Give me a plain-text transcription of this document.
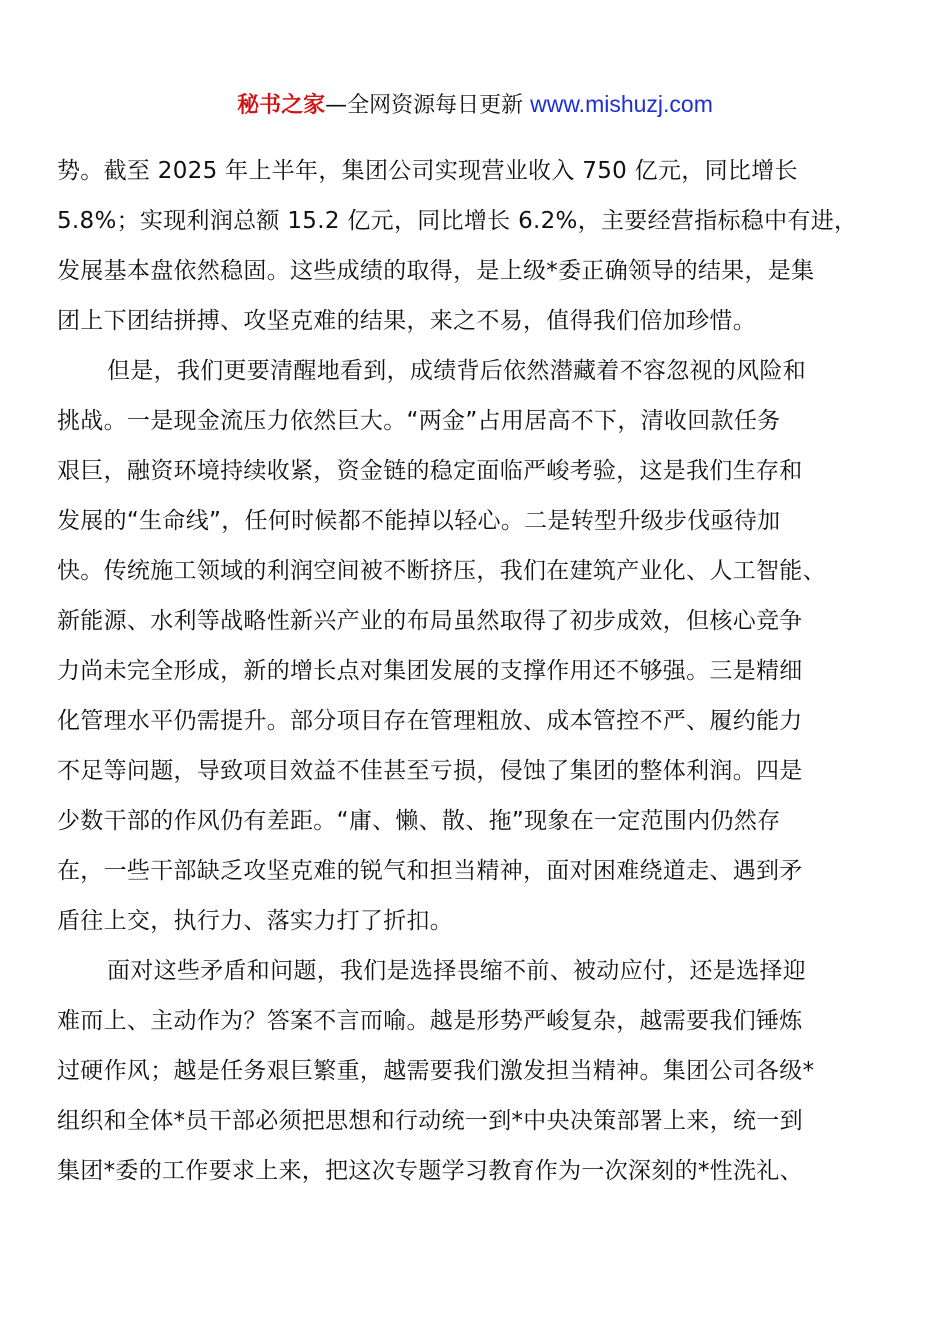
秘书之家—全网资源每日更新 www.mishuzj.com
势。截至 2025 年上半年，集团公司实现营业收入 750 亿元，同比增长
5.8%；实现利润总额 15.2 亿元，同比增长 6.2%，主要经营指标稳中有进，
发展基本盘依然稳固。这些成绩的取得，是上级*委正确领导的结果，是集
团上下团结拼搏、攻坚克难的结果，来之不易，值得我们倍加珍惜。
但是，我们更要清醒地看到，成绩背后依然潜藏着不容忽视的风险和
挑战。一是现金流压力依然巨大。“两金”占用居高不下，清收回款任务
艰巨，融资环境持续收紧，资金链的稳定面临严峻考验，这是我们生存和
发展的“生命线”，任何时候都不能掉以轻心。二是转型升级步伐亟待加
快。传统施工领域的利润空间被不断挤压，我们在建筑产业化、人工智能、
新能源、水利等战略性新兴产业的布局虽然取得了初步成效，但核心竞争
力尚未完全形成，新的增长点对集团发展的支撑作用还不够强。三是精细
化管理水平仍需提升。部分项目存在管理粗放、成本管控不严、履约能力
不足等问题，导致项目效益不佳甚至亏损，侵蚀了集团的整体利润。四是
少数干部的作风仍有差距。“庸、懒、散、拖”现象在一定范围内仍然存
在，一些干部缺乏攻坚克难的锐气和担当精神，面对困难绕道走、遇到矛
盾往上交，执行力、落实力打了折扣。
面对这些矛盾和问题，我们是选择畏缩不前、被动应付，还是选择迎
难而上、主动作为？答案不言而喻。越是形势严峻复杂，越需要我们锤炼
过硬作风；越是任务艰巨繁重，越需要我们激发担当精神。集团公司各级*
组织和全体*员干部必须把思想和行动统一到*中央决策部署上来，统一到
集团*委的工作要求上来，把这次专题学习教育作为一次深刻的*性洗礼、
